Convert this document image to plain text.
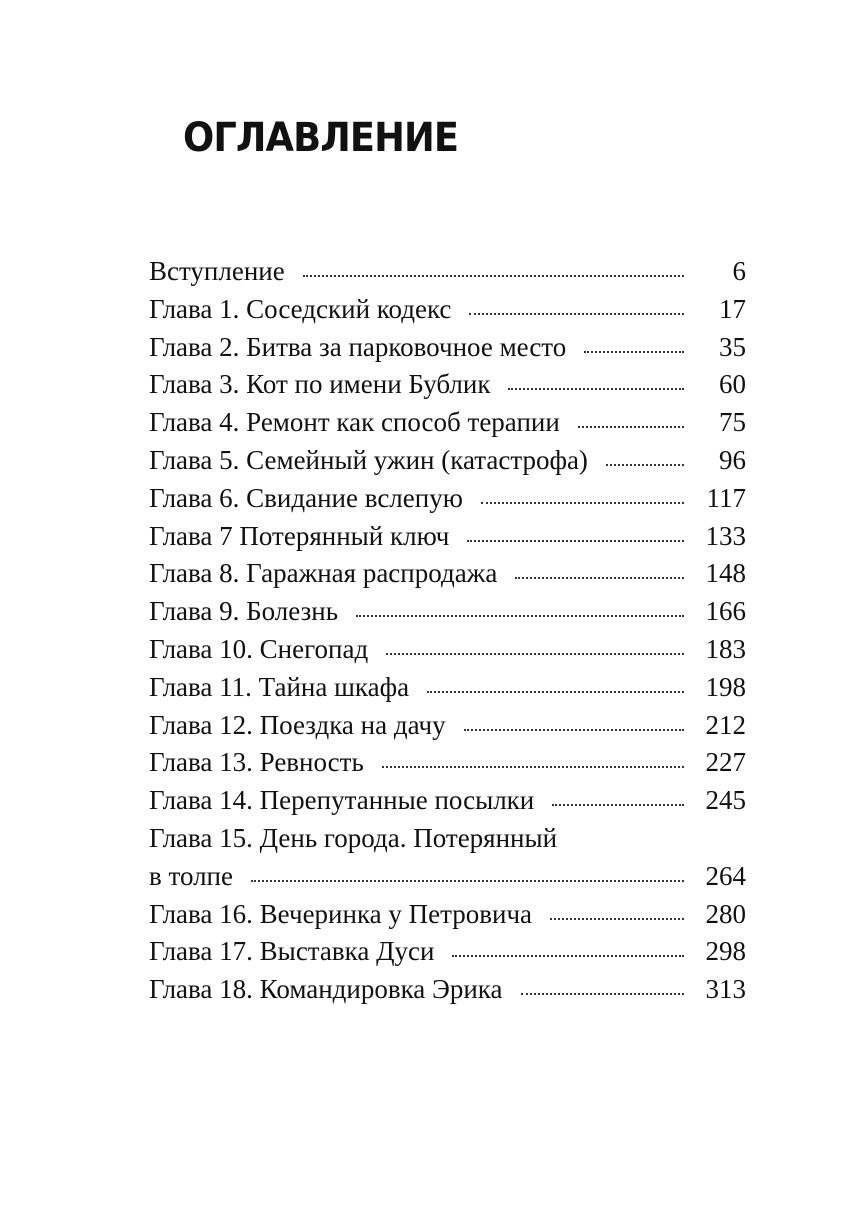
ОГЛАВЛЕНИЕ
Вступление	6
Глава 1. Соседский кодекс	17
Глава 2. Битва за парковочное место	35
Глава 3. Кот по имени Бублик	60
Глава 4. Ремонт как способ терапии	75
Глава 5. Семейный ужин (катастрофа)	96
Глава 6. Свидание вслепую	117
Глава 7 Потерянный ключ	133
Глава 8. Гаражная распродажа	148
Глава 9. Болезнь	166
Глава 10. Снегопад	183
Глава 11. Тайна шкафа	198
Глава 12. Поездка на дачу	212
Глава 13. Ревность	227
Глава 14. Перепутанные посылки	245
Глава 15. День города. Потерянный
в толпе	264
Глава 16. Вечеринка у Петровича	280
Глава 17. Выставка Дуси	298
Глава 18. Командировка Эрика	313
